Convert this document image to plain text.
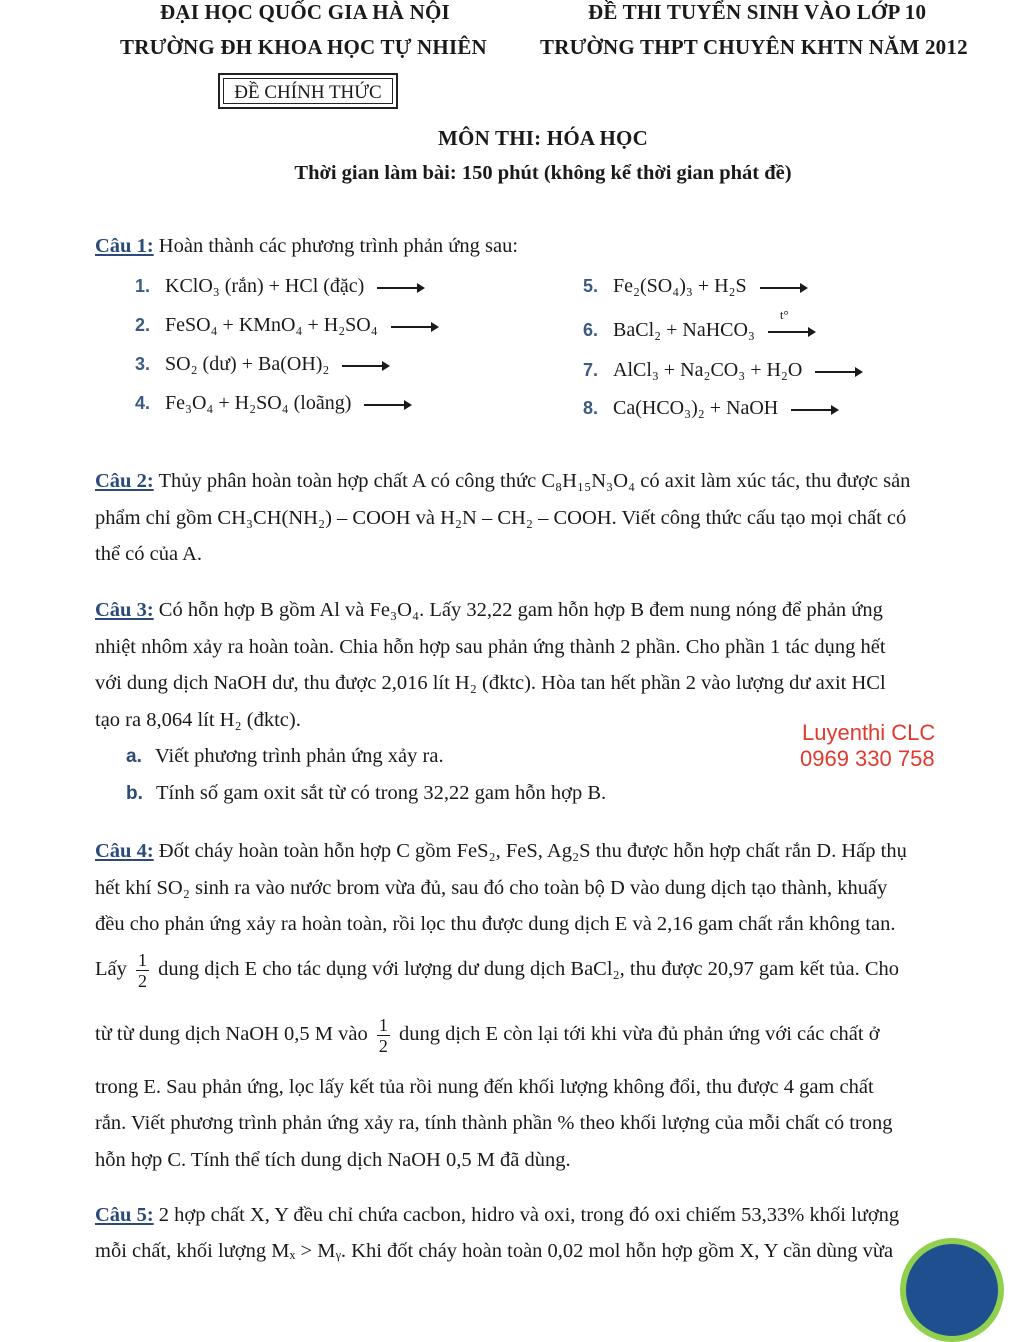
ĐẠI HỌC QUỐC GIA HÀ NỘI
TRƯỜNG ĐH KHOA HỌC TỰ NHIÊN
ĐỀ THI TUYỂN SINH VÀO LỚP 10
TRƯỜNG THPT CHUYÊN KHTN NĂM 2012
ĐỀ CHÍNH THỨC
MÔN THI: HÓA HỌC
Thời gian làm bài: 150 phút (không kể thời gian phát đề)
Câu 1: Hoàn thành các phương trình phản ứng sau:
1. KClO₃ (rắn) + HCl (đặc)
2. FeSO₄ + KMnO₄ + H₂SO₄
3. SO₂ (dư) + Ba(OH)₂
4. Fe₃O₄ + H₂SO₄ (loãng)
5. Fe₂(SO₄)₃ + H₂S
6. BaCl₂ + NaHCO₃
t°
7. AlCl₃ + Na₂CO₃ + H₂O
8. Ca(HCO₃)₂ + NaOH
Câu 2: Thủy phân hoàn toàn hợp chất A có công thức C₈H₁₅N₃O₄ có axit làm xúc tác, thu được sản
phẩm chỉ gồm CH₃CH(NH₂) – COOH và H₂N – CH₂ – COOH. Viết công thức cấu tạo mọi chất có
thể có của A.
Câu 3: Có hỗn hợp B gồm Al và Fe₃O₄. Lấy 32,22 gam hỗn hợp B đem nung nóng để phản ứng
nhiệt nhôm xảy ra hoàn toàn. Chia hỗn hợp sau phản ứng thành 2 phần. Cho phần 1 tác dụng hết
với dung dịch NaOH dư, thu được 2,016 lít H₂ (đktc). Hòa tan hết phần 2 vào lượng dư axit HCl
tạo ra 8,064 lít H₂ (đktc).
a. Viết phương trình phản ứng xảy ra.
b. Tính số gam oxit sắt từ có trong 32,22 gam hỗn hợp B.
Luyenthi CLC
0969 330 758
Câu 4: Đốt cháy hoàn toàn hỗn hợp C gồm FeS₂, FeS, Ag₂S thu được hỗn hợp chất rắn D. Hấp thụ
hết khí SO₂ sinh ra vào nước brom vừa đủ, sau đó cho toàn bộ D vào dung dịch tạo thành, khuấy
đều cho phản ứng xảy ra hoàn toàn, rồi lọc thu được dung dịch E và 2,16 gam chất rắn không tan.
Lấy $\frac{1}{2}$ dung dịch E cho tác dụng với lượng dư dung dịch BaCl₂, thu được 20,97 gam kết tủa. Cho
từ từ dung dịch NaOH 0,5 M vào $\frac{1}{2}$ dung dịch E còn lại tới khi vừa đủ phản ứng với các chất ở
trong E. Sau phản ứng, lọc lấy kết tủa rồi nung đến khối lượng không đổi, thu được 4 gam chất
rắn. Viết phương trình phản ứng xảy ra, tính thành phần % theo khối lượng của mỗi chất có trong
hỗn hợp C. Tính thể tích dung dịch NaOH 0,5 M đã dùng.
Câu 5: 2 hợp chất X, Y đều chỉ chứa cacbon, hidro và oxi, trong đó oxi chiếm 53,33% khối lượng
mỗi chất, khối lượng Mₓ > Mᵧ. Khi đốt cháy hoàn toàn 0,02 mol hỗn hợp gồm X, Y cần dùng vừa
